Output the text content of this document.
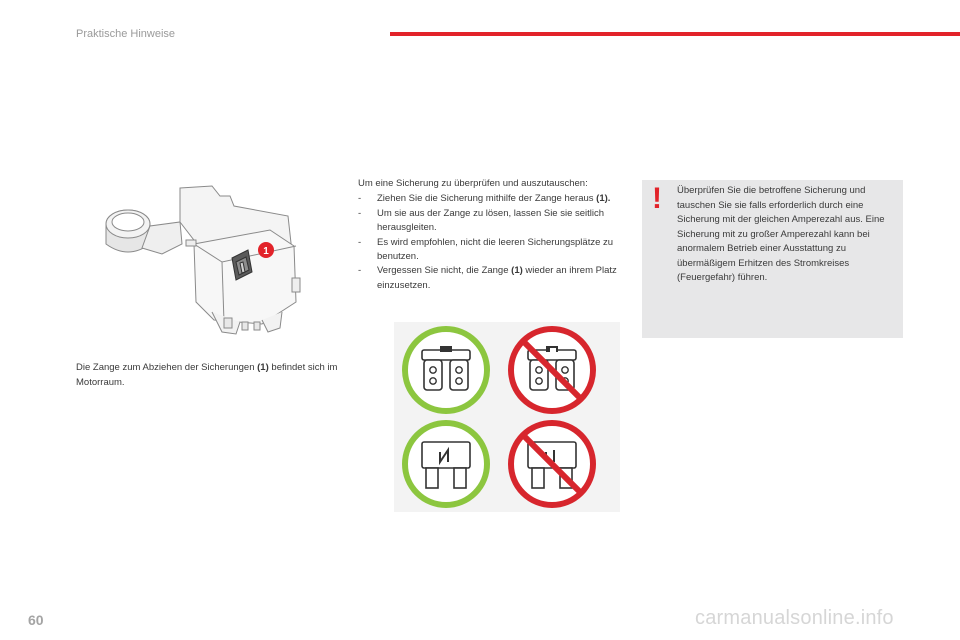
Praktische Hinweise
1
Die Zange zum Abziehen der Sicherungen (1) befindet sich im Motorraum.
Um eine Sicherung zu überprüfen und auszutauschen:
- Ziehen Sie die Sicherung mithilfe der Zange heraus (1).
- Um sie aus der Zange zu lösen, lassen Sie sie seitlich herausgleiten.
- Es wird empfohlen, nicht die leeren Sicherungsplätze zu benutzen.
- Vergessen Sie nicht, die Zange (1) wieder an ihrem Platz einzusetzen.
! Überprüfen Sie die betroffene Sicherung und tauschen Sie sie falls erforderlich durch eine Sicherung mit der gleichen Amperezahl aus. Eine Sicherung mit zu großer Amperezahl kann bei anormalem Betrieb einer Ausstattung zu übermäßigem Erhitzen des Stromkreises (Feuergefahr) führen.
60	carmanualsonline.info
